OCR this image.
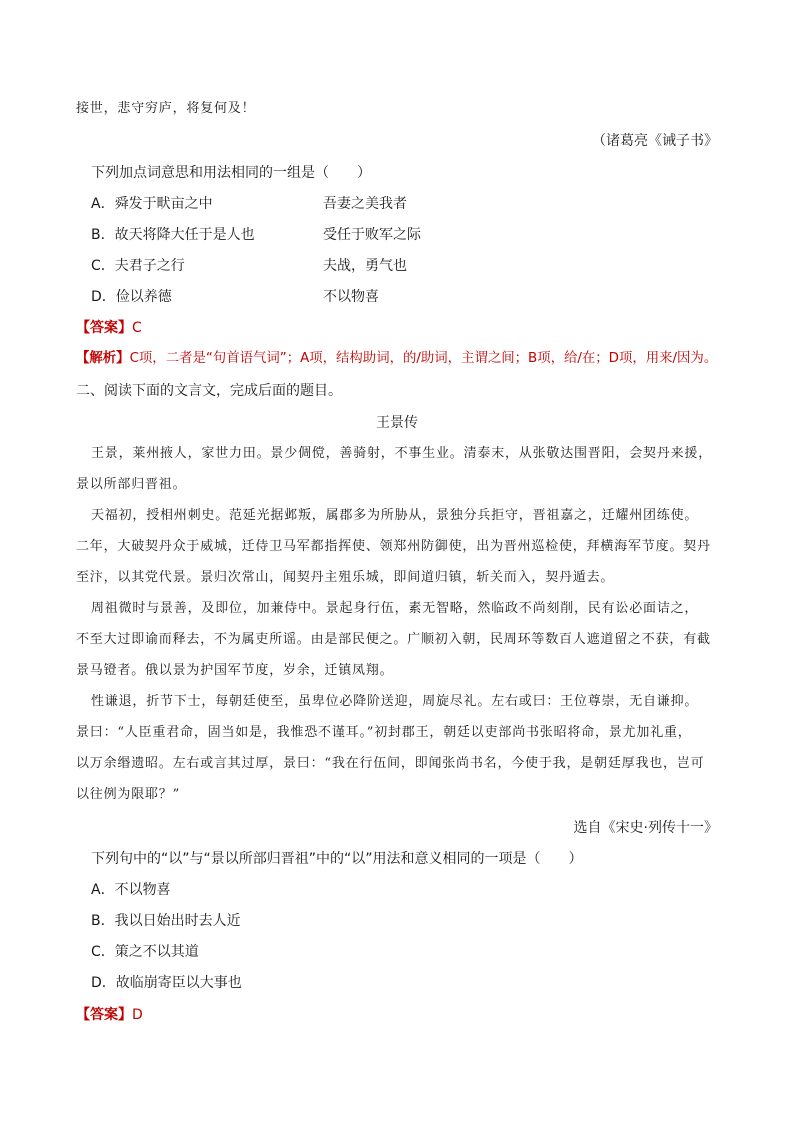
接世，悲守穷庐，将复何及！
（诸葛亮《诫子书》
下列加点词意思和用法相同的一组是（　　）
A．舜发于畎亩之中	吾妻之美我者
B．故天将降大任于是人也	受任于败军之际
C．夫君子之行	夫战，勇气也
D．俭以养德	不以物喜
【答案】C
【解析】C项，二者是“句首语气词”；A项，结构助词，的/助词，主谓之间；B项，给/在；D项，用来/因为。
二、阅读下面的文言文，完成后面的题目。
王景传
王景，莱州掖人，家世力田。景少倜傥，善骑射，不事生业。清泰末，从张敬达围晋阳，会契丹来援，
景以所部归晋祖。
天福初，授相州刺史。范延光据邺叛，属郡多为所胁从，景独分兵拒守，晋祖嘉之，迁耀州团练使。
二年，大破契丹众于威城，迁侍卫马军都指挥使、领郑州防御使，出为晋州巡检使，拜横海军节度。契丹
至汴，以其党代景。景归次常山，闻契丹主殂乐城，即间道归镇，斩关而入，契丹遁去。
周祖微时与景善，及即位，加兼侍中。景起身行伍，素无智略，然临政不尚刻削，民有讼必面诘之，
不至大过即谕而释去，不为属吏所谣。由是部民便之。广顺初入朝，民周环等数百人遮道留之不获，有截
景马镫者。俄以景为护国军节度，岁余，迁镇凤翔。
性谦退，折节下士，每朝廷使至，虽卑位必降阶送迎，周旋尽礼。左右或曰：王位尊崇，无自谦抑。
景曰：“人臣重君命，固当如是，我惟恐不谨耳。”初封郡王，朝廷以吏部尚书张昭将命，景尤加礼重，
以万余缗遗昭。左右或言其过厚，景曰：“我在行伍间，即闻张尚书名，今使于我，是朝廷厚我也，岂可
以往例为限耶？”
选自《宋史·列传十一》
下列句中的“以”与“景以所部归晋祖”中的“以”用法和意义相同的一项是（　　）
A．不以物喜
B．我以日始出时去人近
C．策之不以其道
D．故临崩寄臣以大事也
【答案】D
